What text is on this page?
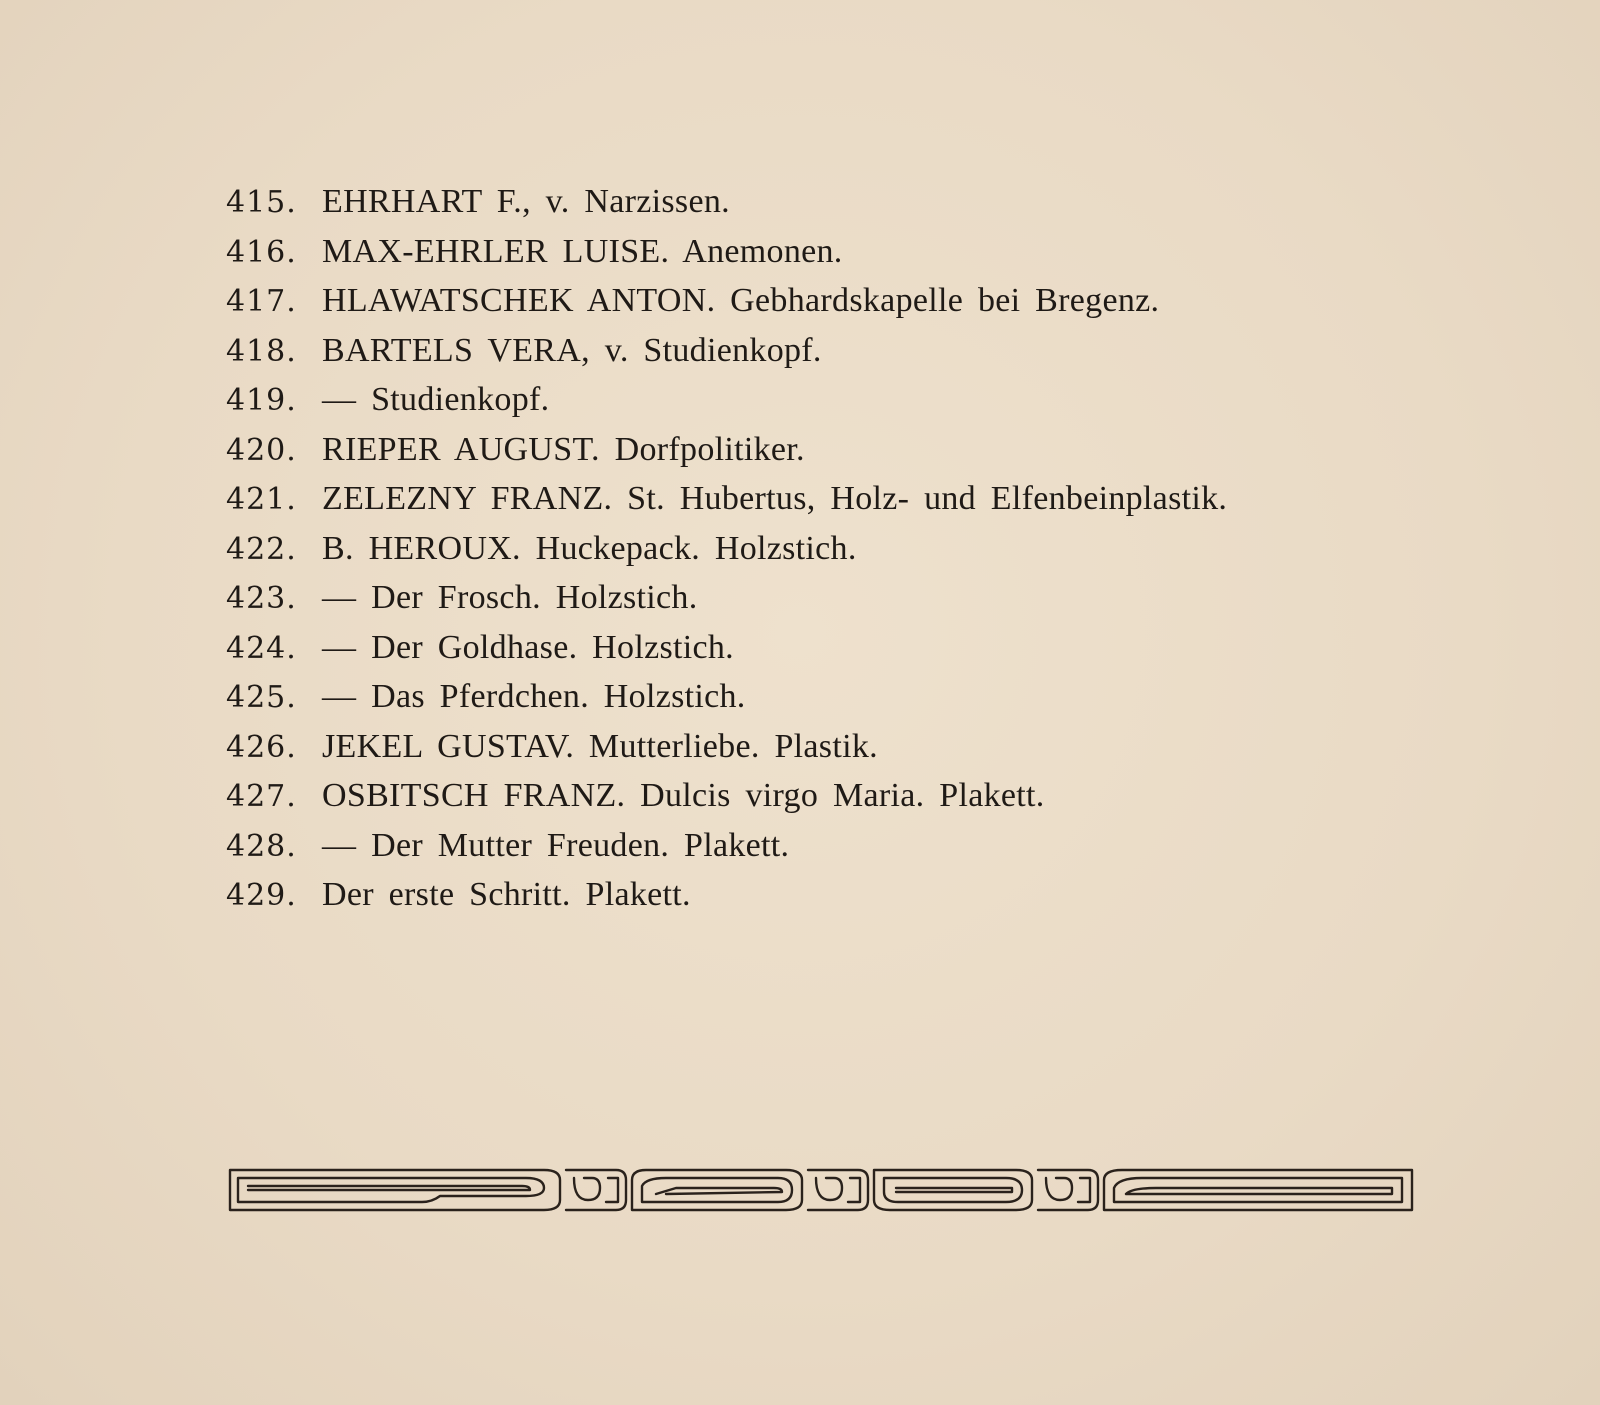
415. EHRHART F., v. Narzissen.
416. MAX-EHRLER LUISE. Anemonen.
417. HLAWATSCHEK ANTON. Gebhardskapelle bei Bregenz.
418. BARTELS VERA, v. Studienkopf.
419. — Studienkopf.
420. RIEPER AUGUST. Dorfpolitiker.
421. ZELEZNY FRANZ. St. Hubertus, Holz- und Elfenbeinplastik.
422. B. HEROUX. Huckepack. Holzstich.
423. — Der Frosch. Holzstich.
424. — Der Goldhase. Holzstich.
425. — Das Pferdchen. Holzstich.
426. JEKEL GUSTAV. Mutterliebe. Plastik.
427. OSBITSCH FRANZ. Dulcis virgo Maria. Plakett.
428. — Der Mutter Freuden. Plakett.
429. Der erste Schritt. Plakett.
